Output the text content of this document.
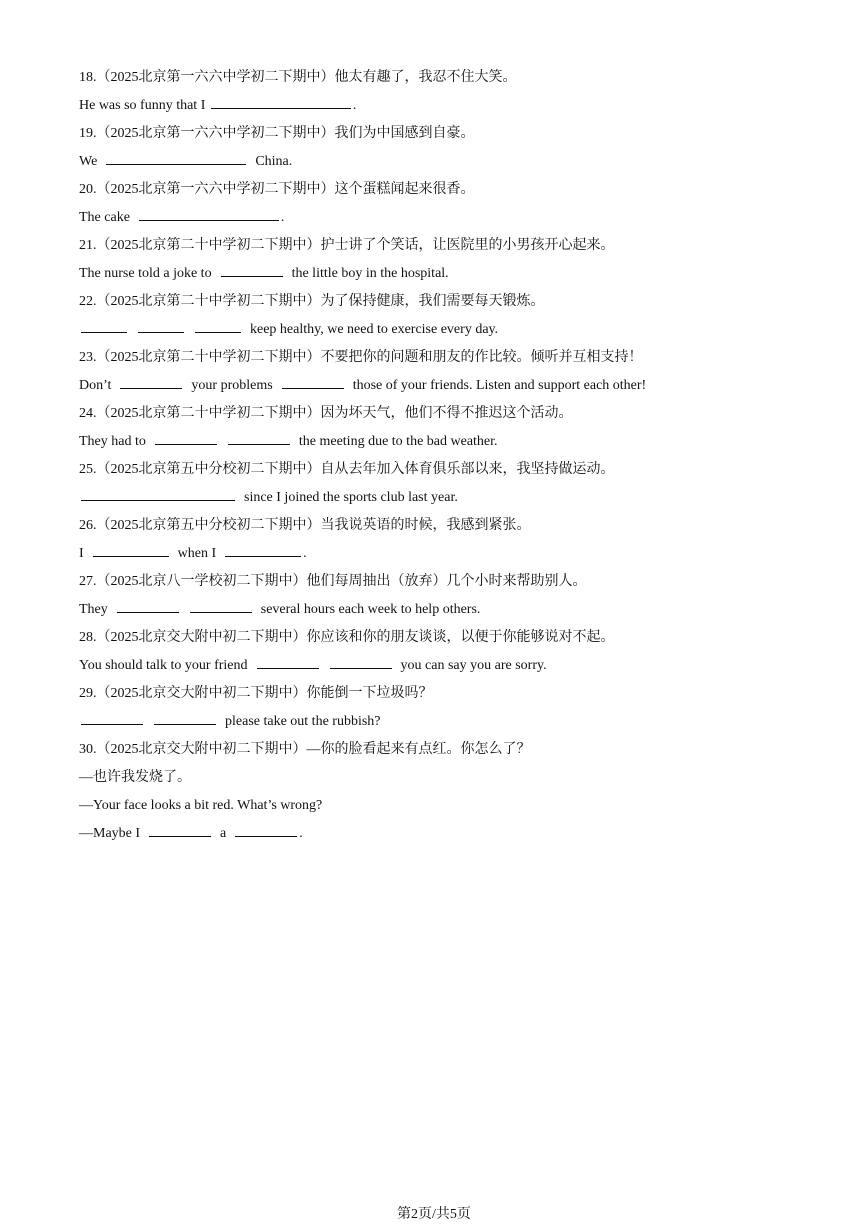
18.（2025北京第一六六中学初二下期中）他太有趣了，我忍不住大笑。
He was so funny that I	.
19.（2025北京第一六六中学初二下期中）我们为中国感到自豪。
We	China.
20.（2025北京第一六六中学初二下期中）这个蛋糕闻起来很香。
The cake	.
21.（2025北京第二十中学初二下期中）护士讲了个笑话，让医院里的小男孩开心起来。
The nurse told a joke to	the little boy in the hospital.
22.（2025北京第二十中学初二下期中）为了保持健康，我们需要每天锻炼。
keep healthy, we need to exercise every day.
23.（2025北京第二十中学初二下期中）不要把你的问题和朋友的作比较。倾听并互相支持！
Don’t	your problems	those of your friends. Listen and support each other!
24.（2025北京第二十中学初二下期中）因为坏天气，他们不得不推迟这个活动。
They had to	the meeting due to the bad weather.
25.（2025北京第五中分校初二下期中）自从去年加入体育俱乐部以来，我坚持做运动。
since I joined the sports club last year.
26.（2025北京第五中分校初二下期中）当我说英语的时候，我感到紧张。
I	when I	.
27.（2025北京八一学校初二下期中）他们每周抽出（放弃）几个小时来帮助别人。
They	several hours each week to help others.
28.（2025北京交大附中初二下期中）你应该和你的朋友谈谈，以便于你能够说对不起。
You should talk to your friend	you can say you are sorry.
29.（2025北京交大附中初二下期中）你能倒一下垃圾吗？
please take out the rubbish?
30.（2025北京交大附中初二下期中）—你的脸看起来有点红。你怎么了？
—也许我发烧了。
—Your face looks a bit red. What’s wrong?
—Maybe I	a	.
第2页/共5页
